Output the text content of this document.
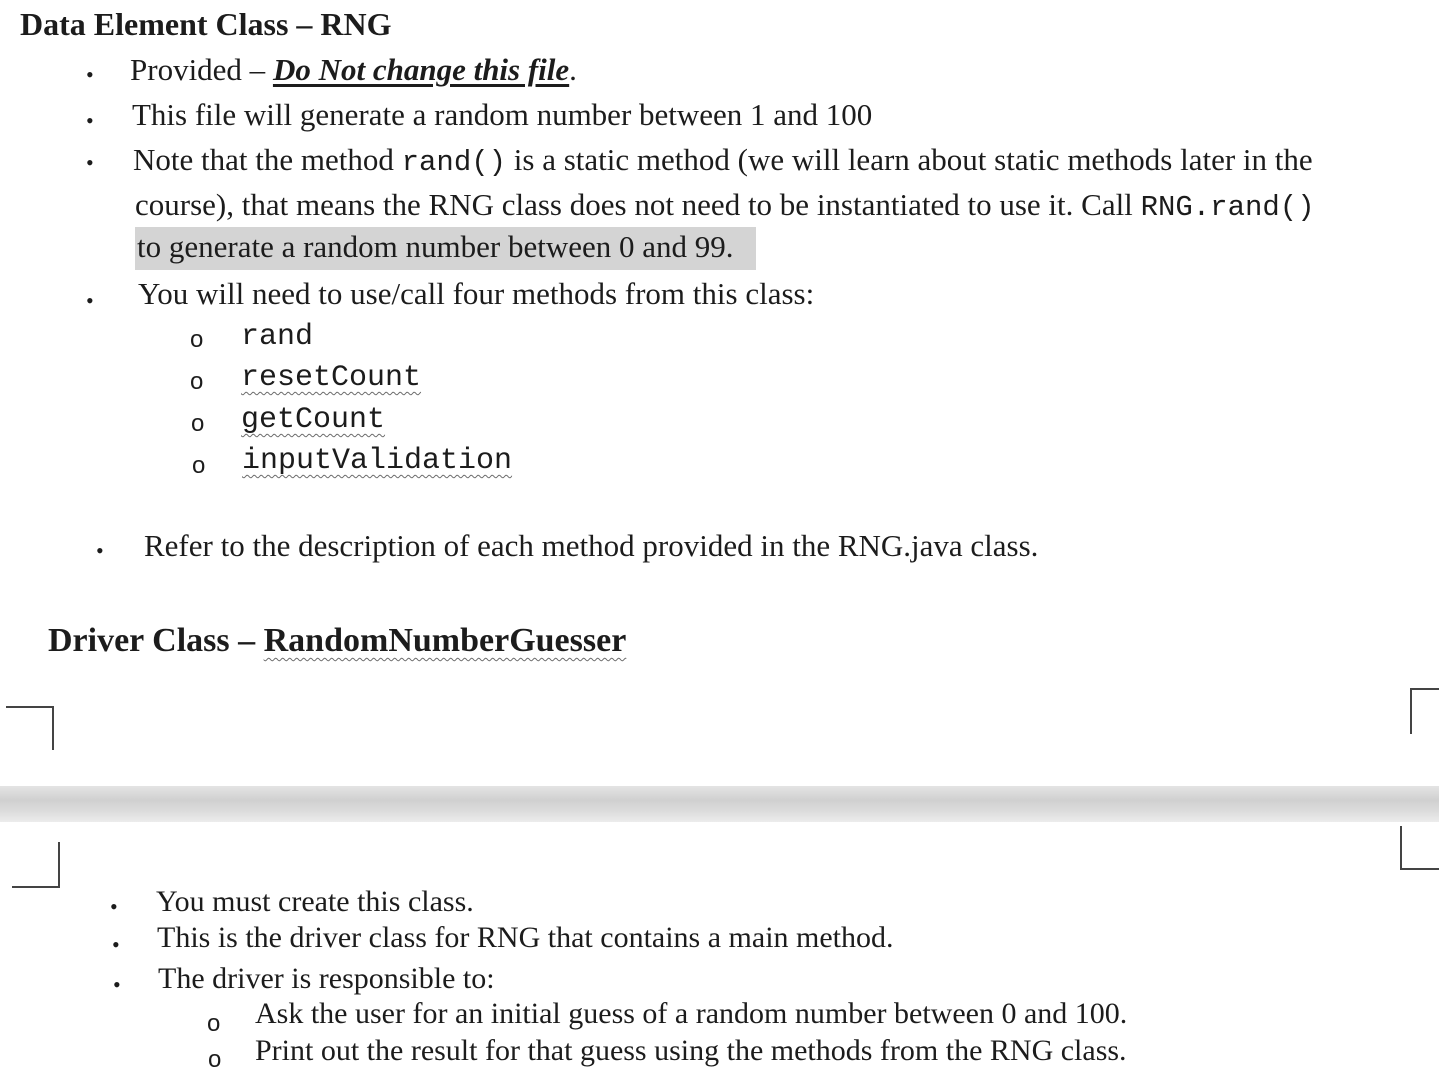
Data Element Class – RNG
• Provided – Do Not change this file.
• This file will generate a random number between 1 and 100
• Note that the method rand() is a static method (we will learn about static methods later in the
course), that means the RNG class does not need to be instantiated to use it. Call RNG.rand()
to generate a random number between 0 and 99.
• You will need to use/call four methods from this class:
o rand
o resetCount
o getCount
o inputValidation
• Refer to the description of each method provided in the RNG.java class.
Driver Class – RandomNumberGuesser
• You must create this class.
• This is the driver class for RNG that contains a main method.
• The driver is responsible to:
o Ask the user for an initial guess of a random number between 0 and 100.
o Print out the result for that guess using the methods from the RNG class.
